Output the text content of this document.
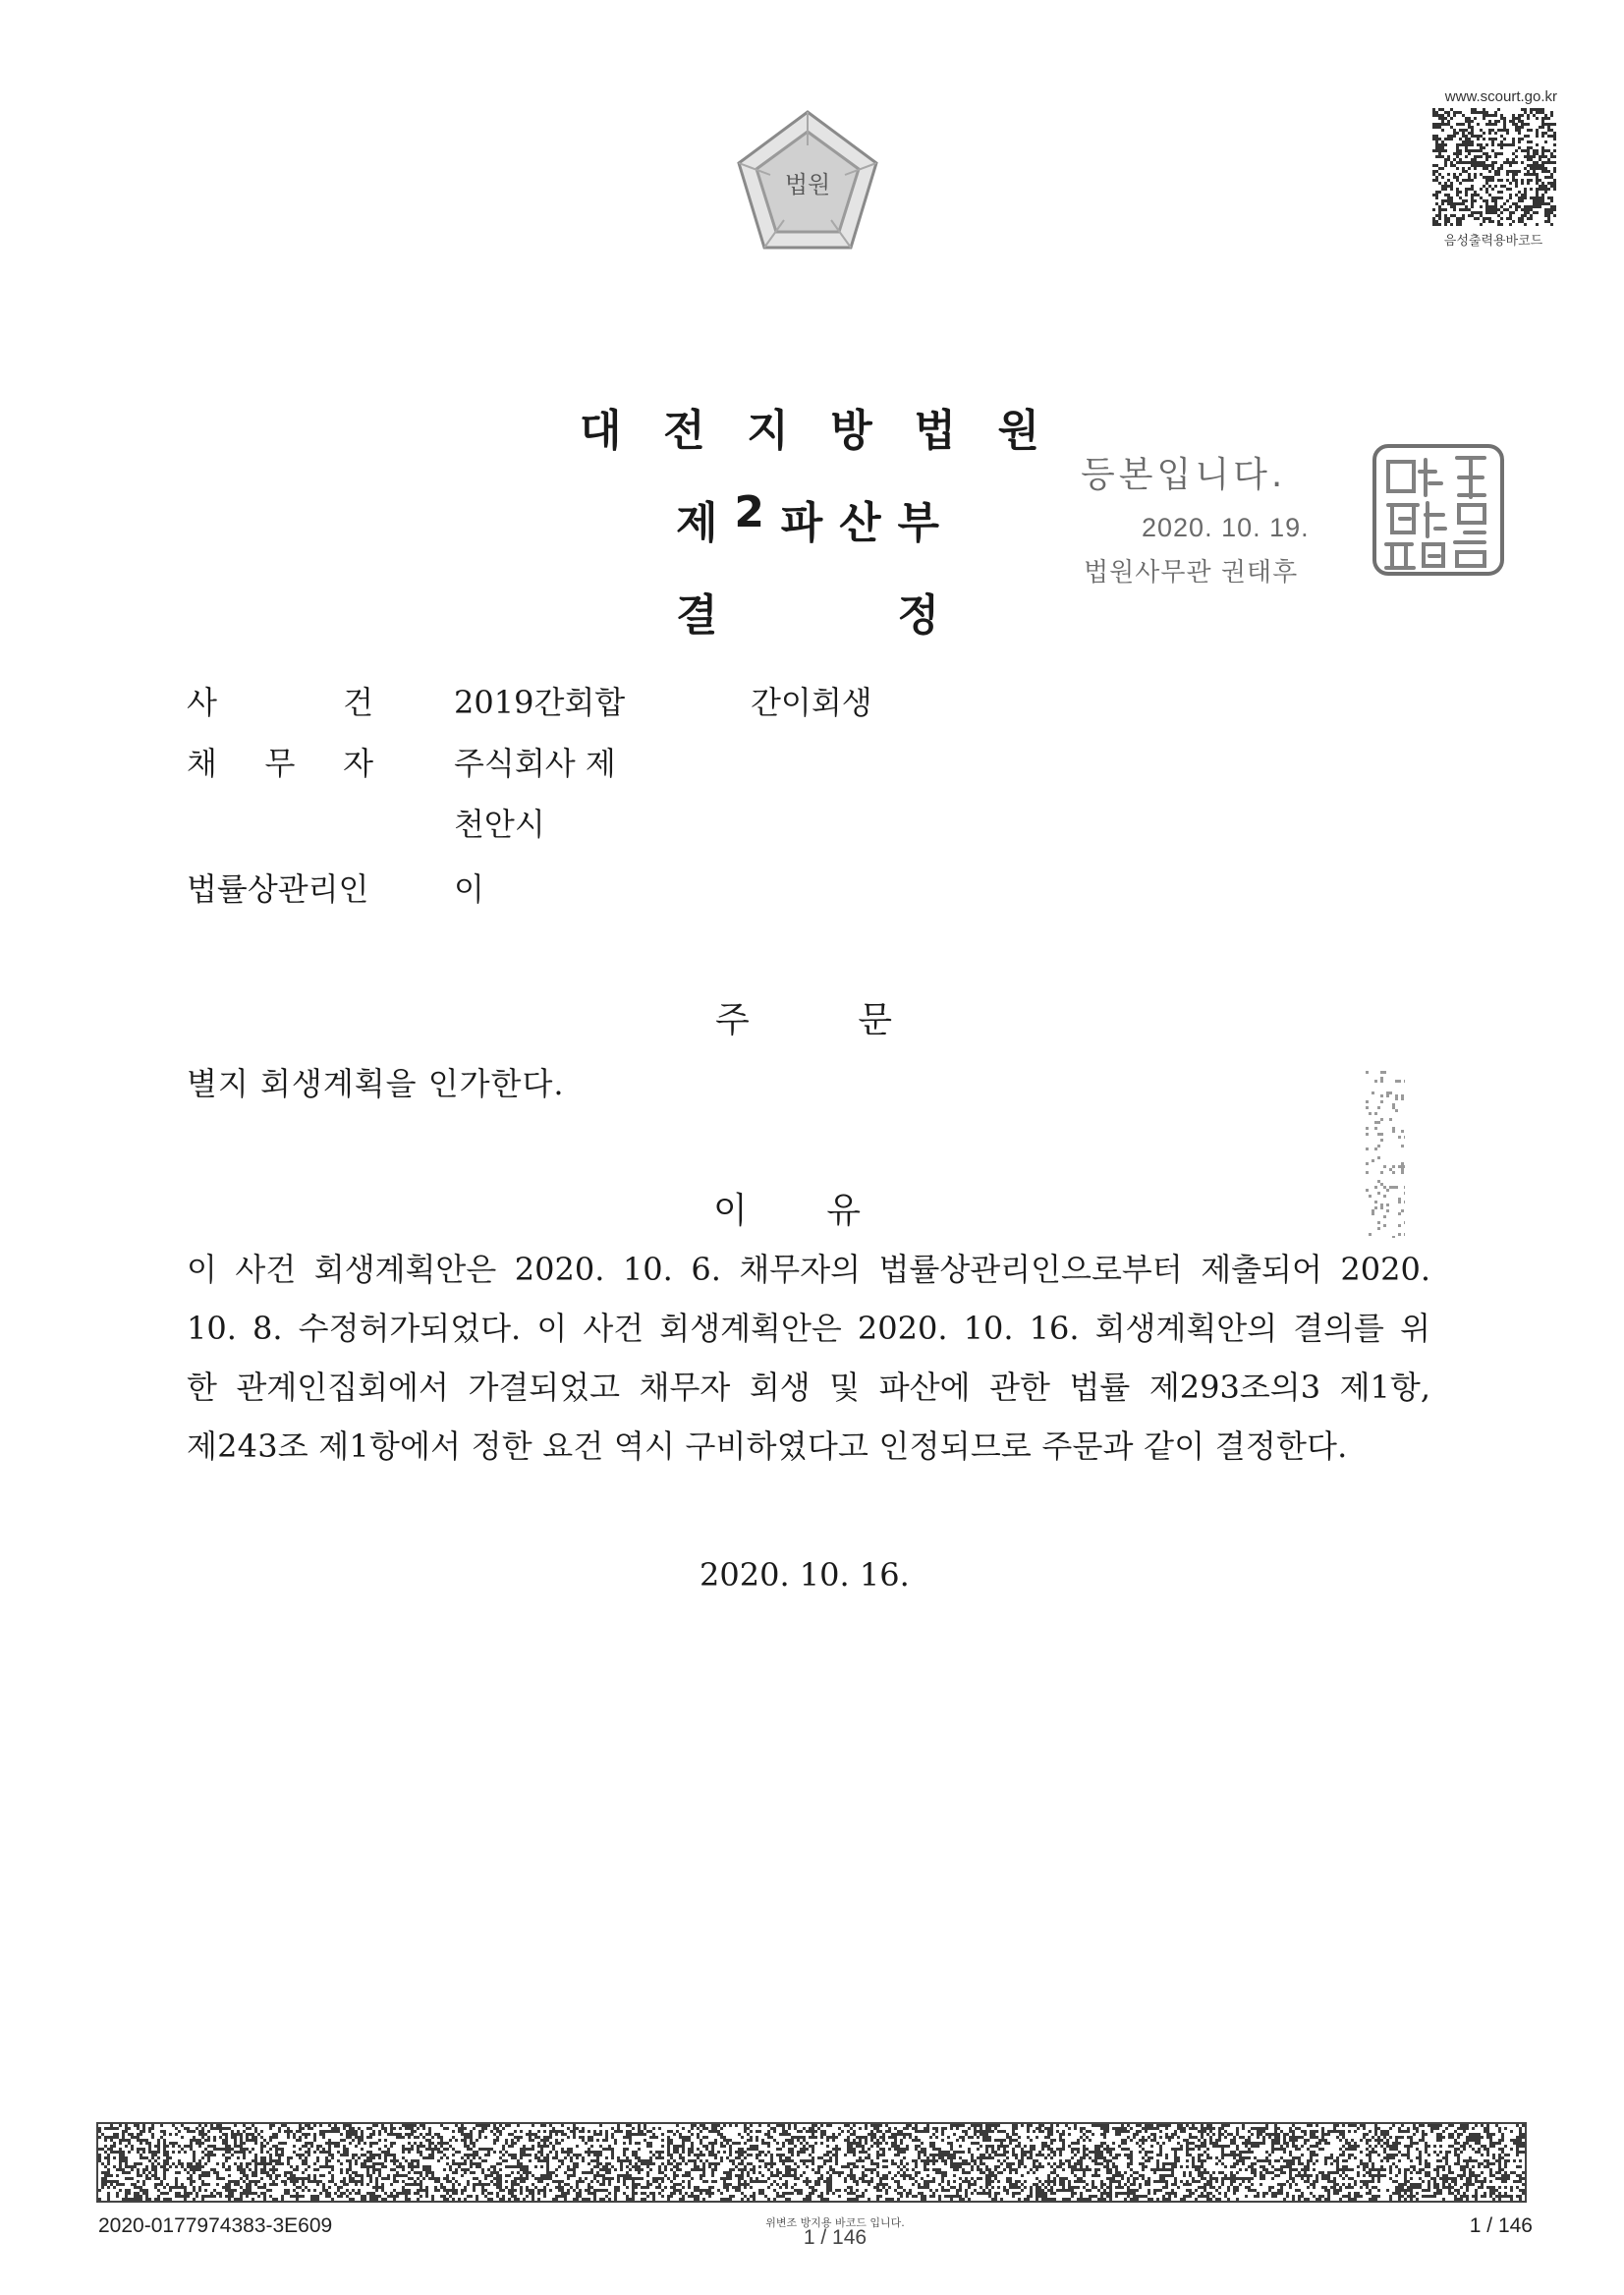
법원
www.scourt.go.kr
음성출력용바코드
대 전 지 방 법 원
제 2 파 산 부
결	정
등본입니다.
2020. 10. 19.
법원사무관 권태후
사	건	2019간회합	간이회생
채 무 자	주식회사 제
천안시
법률상관리인	이
주	문
별지 회생계획을 인가한다.
이 유
이 사건 회생계획안은 2020. 10. 6. 채무자의 법률상관리인으로부터 제출되어 2020.
10. 8. 수정허가되었다. 이 사건 회생계획안은 2020. 10. 16. 회생계획안의 결의를 위
한 관계인집회에서 가결되었고 채무자 회생 및 파산에 관한 법률 제293조의3 제1항,
제243조 제1항에서 정한 요건 역시 구비하였다고 인정되므로 주문과 같이 결정한다.
2020. 10. 16.
2020-0177974383-3E609	위변조 방지용 바코드 입니다.
1 / 146
1 / 146
